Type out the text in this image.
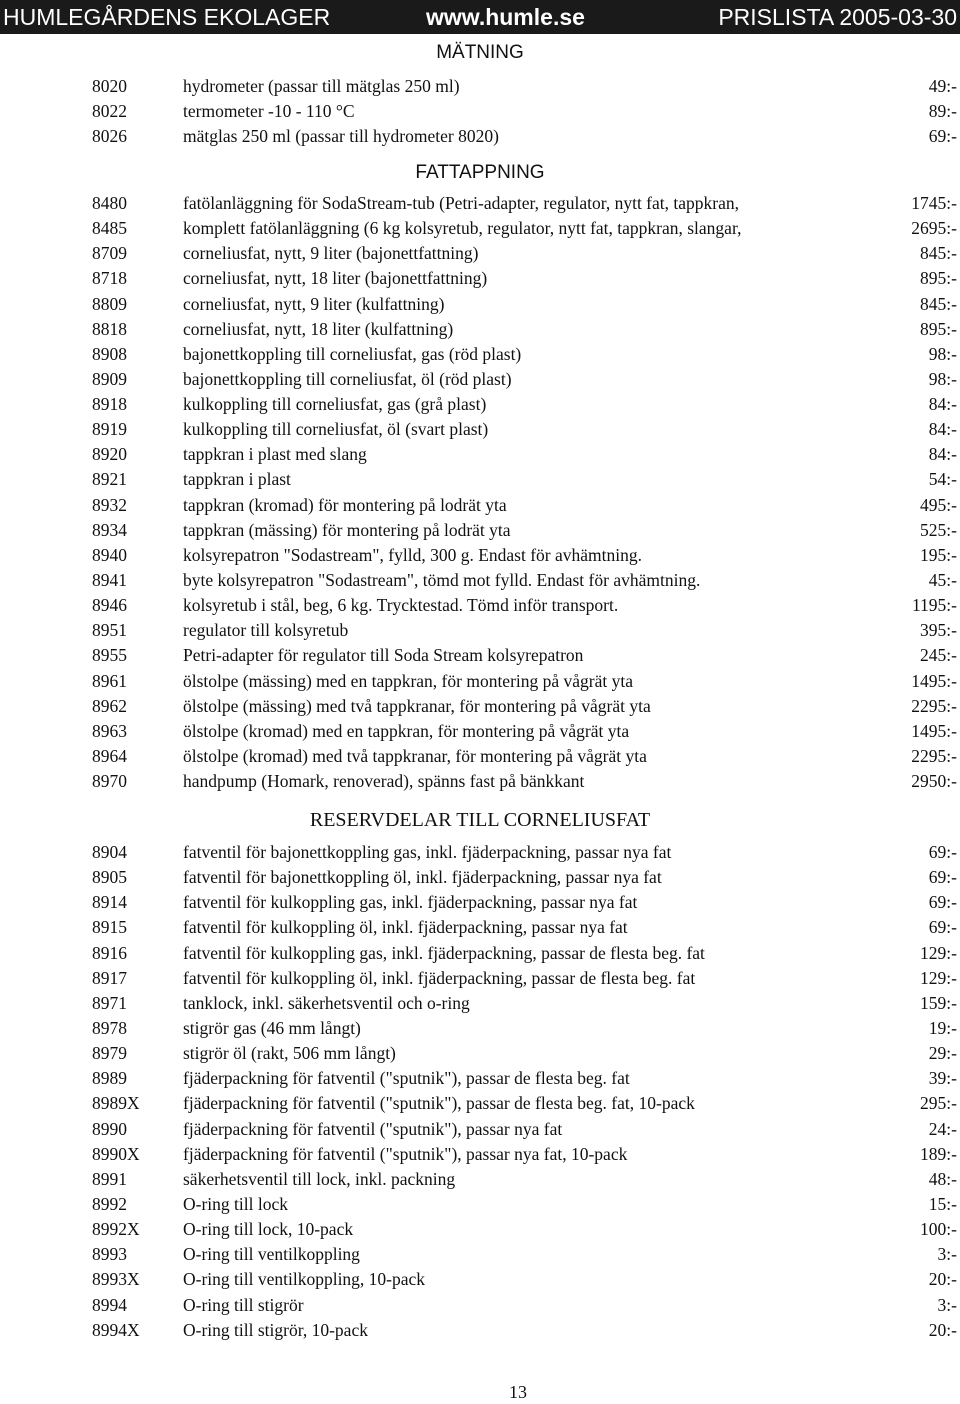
HUMLEGÅRDENS EKOLAGER	www.humle.se	PRISLISTA 2005-03-30
MÄTNING
8020	hydrometer (passar till mätglas 250 ml)	49:-
8022	termometer -10 - 110 °C	89:-
8026	mätglas 250 ml (passar till hydrometer 8020)	69:-
FATTAPPNING
8480	fatölanläggning för SodaStream-tub (Petri-adapter, regulator, nytt fat, tappkran,	1745:-
8485	komplett fatölanläggning (6 kg kolsyretub, regulator, nytt fat, tappkran, slangar,	2695:-
8709	corneliusfat, nytt, 9 liter (bajonettfattning)	845:-
8718	corneliusfat, nytt, 18 liter (bajonettfattning)	895:-
8809	corneliusfat, nytt, 9 liter (kulfattning)	845:-
8818	corneliusfat, nytt, 18 liter (kulfattning)	895:-
8908	bajonettkoppling till corneliusfat, gas (röd plast)	98:-
8909	bajonettkoppling till corneliusfat, öl (röd plast)	98:-
8918	kulkoppling till corneliusfat, gas (grå plast)	84:-
8919	kulkoppling till corneliusfat, öl (svart plast)	84:-
8920	tappkran i plast med slang	84:-
8921	tappkran i plast	54:-
8932	tappkran (kromad) för montering på lodrät yta	495:-
8934	tappkran (mässing) för montering på lodrät yta	525:-
8940	kolsyrepatron "Sodastream", fylld, 300 g. Endast för avhämtning.	195:-
8941	byte kolsyrepatron "Sodastream", tömd mot fylld. Endast för avhämtning.	45:-
8946	kolsyretub i stål, beg, 6 kg. Trycktestad. Tömd inför transport.	1195:-
8951	regulator till kolsyretub	395:-
8955	Petri-adapter för regulator till Soda Stream kolsyrepatron	245:-
8961	ölstolpe (mässing) med en tappkran, för montering på vågrät yta	1495:-
8962	ölstolpe (mässing) med två tappkranar, för montering på vågrät yta	2295:-
8963	ölstolpe (kromad) med en tappkran, för montering på vågrät yta	1495:-
8964	ölstolpe (kromad) med två tappkranar, för montering på vågrät yta	2295:-
8970	handpump (Homark, renoverad), spänns fast på bänkkant	2950:-
RESERVDELAR TILL CORNELIUSFAT
8904	fatventil för bajonettkoppling gas, inkl. fjäderpackning, passar nya fat	69:-
8905	fatventil för bajonettkoppling öl, inkl. fjäderpackning, passar nya fat	69:-
8914	fatventil för kulkoppling gas, inkl. fjäderpackning, passar nya fat	69:-
8915	fatventil för kulkoppling öl, inkl. fjäderpackning, passar nya fat	69:-
8916	fatventil för kulkoppling gas, inkl. fjäderpackning, passar de flesta beg. fat	129:-
8917	fatventil för kulkoppling öl, inkl. fjäderpackning, passar de flesta beg. fat	129:-
8971	tanklock, inkl. säkerhetsventil och o-ring	159:-
8978	stigrör gas (46 mm långt)	19:-
8979	stigrör öl (rakt, 506 mm långt)	29:-
8989	fjäderpackning för fatventil ("sputnik"), passar de flesta beg. fat	39:-
8989X fjäderpackning för fatventil ("sputnik"), passar de flesta beg. fat, 10-pack	295:-
8990	fjäderpackning för fatventil ("sputnik"), passar nya fat	24:-
8990X fjäderpackning för fatventil ("sputnik"), passar nya fat, 10-pack	189:-
8991	säkerhetsventil till lock, inkl. packning	48:-
8992	O-ring till lock	15:-
8992X O-ring till lock, 10-pack	100:-
8993	O-ring till ventilkoppling	3:-
8993X O-ring till ventilkoppling, 10-pack	20:-
8994	O-ring till stigrör	3:-
8994X O-ring till stigrör, 10-pack	20:-
13
